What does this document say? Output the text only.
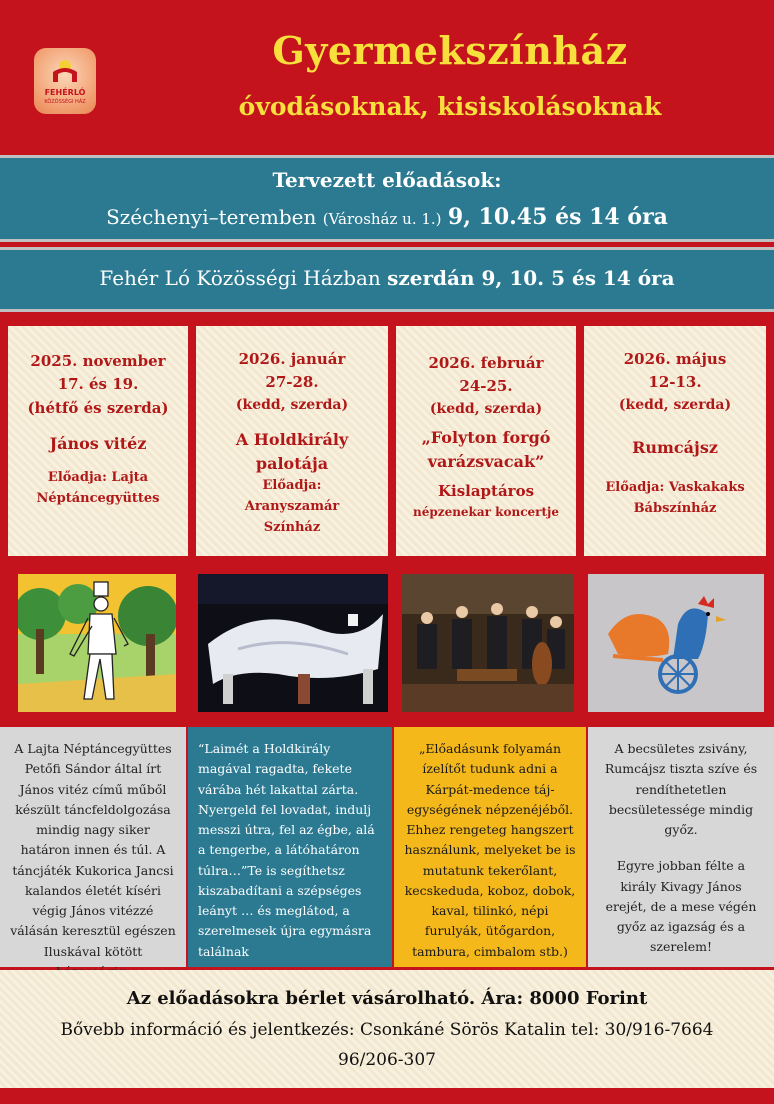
FEHÉRLÓ
KÖZÖSSÉGI HÁZ
Gyermekszínház
óvodásoknak, kisiskolásoknak
Tervezett előadások:
Széchenyi–teremben (Városház u. 1.) 9, 10.45 és 14 óra
Fehér Ló Közösségi Házban szerdán 9, 10. 5 és 14 óra
2025. november
17. és 19.
(hétfő és szerda)
János vitéz
Előadja: Lajta
Néptáncegyüttes
2026. január
27-28.
(kedd, szerda)
A Holdkirály
palotája
Előadja:
Aranyszamár
Színház
2026. február
24-25.
(kedd, szerda)
„Folyton forgó
varázsvacak”
Kislaptáros
népzenekar koncertje
2026. május
12-13.
(kedd, szerda)
Rumcájsz
Előadja: Vaskakaks
Bábszínház
A Lajta Néptáncegyüttes Petőfi Sándor által írt János vitéz című műből készült táncfeldolgozása mindig nagy siker határon innen és túl. A táncjáték Kukorica Jancsi kalandos életét kíséri végig János vitézzé válásán keresztül egészen Iluskával kötött
“Laimét a Holdkirály magával ragadta, fekete várába hét lakattal zárta. Nyergeld fel lovadat, indulj messzi útra, fel az égbe, alá a tengerbe, a látóhatáron túlra…”Te is segíthetsz kiszabadítani a szépséges leányt … és meglátod, a szerelmesek újra egymásra találnak
„Előadásunk folyamán ízelítőt tudunk adni a Kárpát-medence táj-egységének népzenéjéből. Ehhez rengeteg hangszert használunk, melyeket be is mutatunk tekerőlant, kecskeduda, koboz, dobok, kaval, tilinkó, népi furulyák, ütőgardon, tambura, cimbalom stb.)
A becsületes zsivány, Rumcájsz tiszta szíve és rendíthetetlen becsületessége mindig győz.
Egyre jobban félte a király Kivagy János erejét, de a mese végén győz az igazság és a szerelem!
Az előadásokra bérlet vásárolható. Ára: 8000 Forint
Bővebb információ és jelentkezés: Csonkáné Sörös Katalin tel: 30/916-7664
96/206-307
